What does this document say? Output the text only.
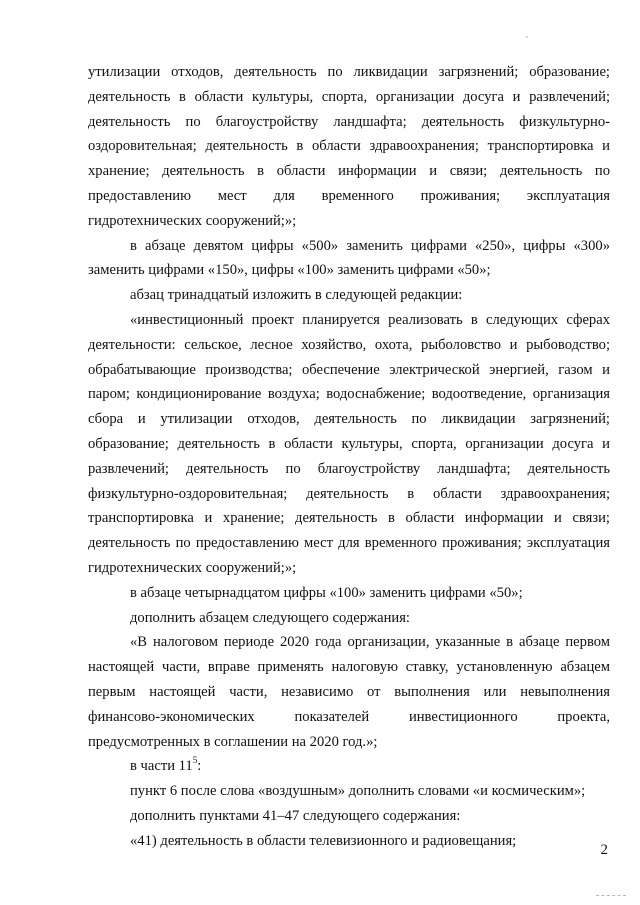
утилизации отходов, деятельность по ликвидации загрязнений; образование; деятельность в области культуры, спорта, организации досуга и развлечений; деятельность по благоустройству ландшафта; деятельность физкультурно-оздоровительная; деятельность в области здравоохранения; транспортировка и хранение; деятельность в области информации и связи; деятельность по предоставлению мест для временного проживания; эксплуатация гидротехнических сооружений;»;

в абзаце девятом цифры «500» заменить цифрами «250», цифры «300» заменить цифрами «150», цифры «100» заменить цифрами «50»;

абзац тринадцатый изложить в следующей редакции:

«инвестиционный проект планируется реализовать в следующих сферах деятельности: сельское, лесное хозяйство, охота, рыболовство и рыбоводство; обрабатывающие производства; обеспечение электрической энергией, газом и паром; кондиционирование воздуха; водоснабжение; водоотведение, организация сбора и утилизации отходов, деятельность по ликвидации загрязнений; образование; деятельность в области культуры, спорта, организации досуга и развлечений; деятельность по благоустройству ландшафта; деятельность физкультурно-оздоровительная; деятельность в области здравоохранения; транспортировка и хранение; деятельность в области информации и связи; деятельность по предоставлению мест для временного проживания; эксплуатация гидротехнических сооружений;»;

в абзаце четырнадцатом цифры «100» заменить цифрами «50»;

дополнить абзацем следующего содержания:

«В налоговом периоде 2020 года организации, указанные в абзаце первом настоящей части, вправе применять налоговую ставку, установленную абзацем первым настоящей части, независимо от выполнения или невыполнения финансово-экономических показателей инвестиционного проекта, предусмотренных в соглашении на 2020 год.»;

в части $11^5$:

пункт 6 после слова «воздушным» дополнить словами «и космическим»;

дополнить пунктами 41–47 следующего содержания:

«41) деятельность в области телевизионного и радиовещания;

2
